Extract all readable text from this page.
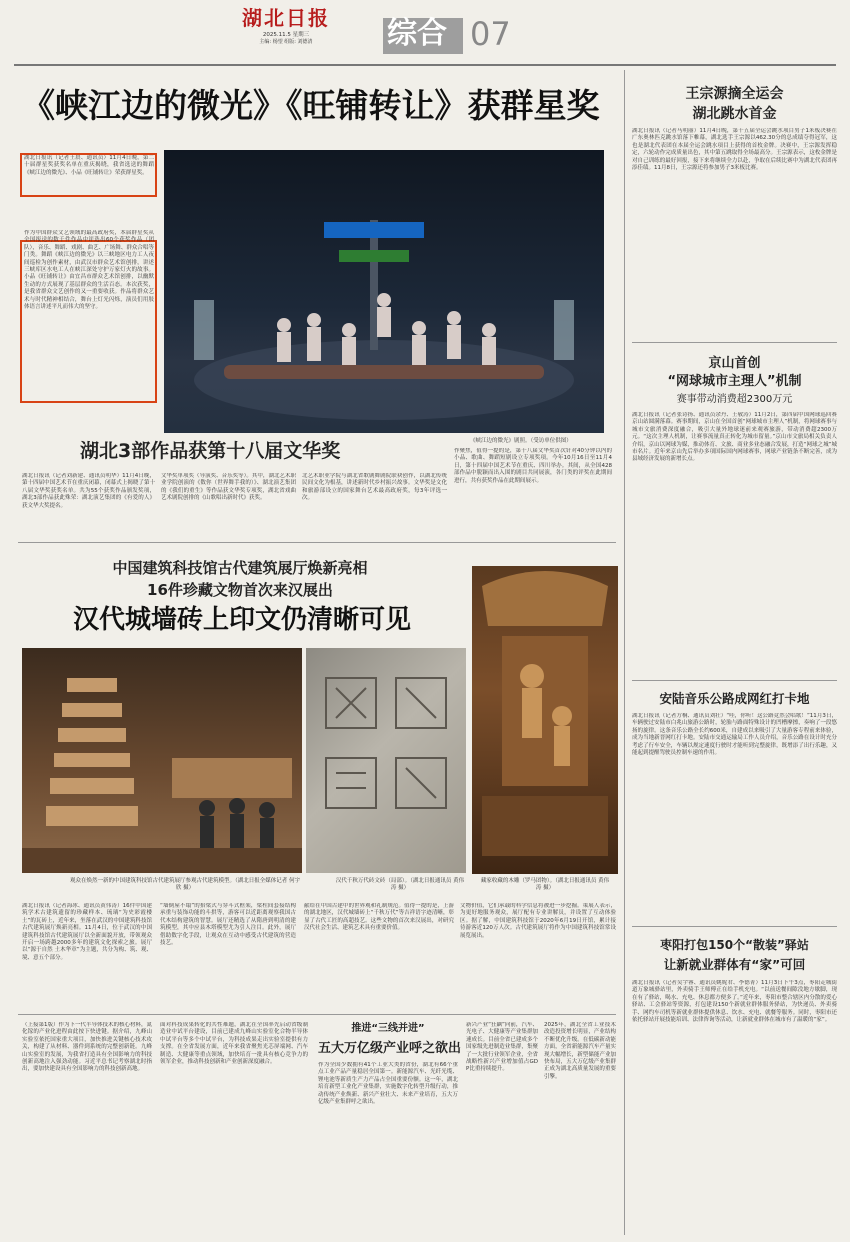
湖北日报
2025.11.5 星期三
主编: 杨望 组版: 刘德清	综合 07
《峡江边的微光》《旺铺转让》获群星奖
湖北日报讯（记者王晨、通讯员）11月4日晚，第二十届群星奖获奖名单在重庆揭晓，我省选送的舞蹈《峡江边的微光》、小品《旺铺转让》荣获群星奖。
作为中国群众文艺领域的最高政府奖，本届群星奖从全国报送的数千件作品中评选出60个获奖作品（团队），音乐、舞蹈、戏剧、曲艺、广场舞、群众合唱等门类。舞蹈《峡江边的微光》以三峡地区电力工人夜间巡检为创作素材，由武汉市群众艺术馆创排，讲述三峡库区水电工人在峡江深处守护万家灯火的故事。小品《旺铺转让》由宜昌市群众艺术馆创排，以幽默生动的方式展现了基层群众的生活百态。本次获奖，是我省群众文艺创作的又一重要收获。作品将群众艺术与时代精神相结合，舞台上灯光闪烁，演员们用肢体语言讲述平凡而伟大的坚守。
《峡江边的微光》剧照。（受访单位供图）
作聚焦，值得一提的是，第十八届文华奖首次针对40分钟以内的小品、歌曲、舞蹈短剧设立专项奖项。今年10月16日至11月4日，第十四届中国艺术节在重庆、四川举办。其间，从全国428部作品中脱颖而出入围的剧目共同展演，各门类的评奖在此期间进行，共有获奖作品在此期间展示。
湖北3部作品获第十八届文华奖
湖北日报讯（记者刘新建、通讯员明华）11月4日晚，第十四届中国艺术节在重庆闭幕，闭幕式上揭晓了第十八届文华奖获奖名单。共为55个获奖作品颁发奖项，湖北3部作品获此殊荣：湖北演艺集团的《有爱的人》获文华大奖提名。
文华奖单项奖（导演奖、音乐奖等）。其中，湖北艺术职业学院创演的《数你（世界舞手我的）》、湖北演艺集团的《我们的重生》等作品获文华奖专项奖，湖北省戏曲艺术剧院创排的《山歌唱出新时代》获奖。
北艺术职业学院与湖北省歌剧舞剧院联袂创作，以湖北传统民间文化为根基，讲述新时代乡村振兴故事。文华奖是文化和旅游部设立的国家舞台艺术最高政府奖，每3年评选一次。
中国建筑科技馆古代建筑展厅焕新亮相
16件珍藏文物首次来汉展出
汉代城墙砖上印文仍清晰可见
观众在焕然一新的中国建筑科技馆古代建筑展厅参观古代建筑模型。（湖北日报全媒体记者 何宇欣 摄）
汉代千秋万代砖文砖（局部）。（湖北日报通讯员 黄伟涛 摄）
藏家收藏的木雕（罗马团物）。（湖北日报通讯员 黄伟涛 摄）
湖北日报讯（记者海冰、通讯员黄伟涛）16件中国建筑学术古建筑遗留的珍藏样本、琉璃“为史彩霞楼土”的瓦砖上，近年来，坐落在武汉的中国建筑科技馆古代建筑展厅焕新亮相。11月4日，位于武汉的中国建筑科技馆古代建筑展厅以全新面貌开放，带领观众开启一场跨越2000多年的建筑文化探索之旅。展厅以“源于自然 土木华章”为主题，共分为构、筑、观、境、意五个部分。
“墙倒屋不塌”的抬梁式与穿斗式框架，梁柱间套接结构承重与装饰功能的斗拱等，游客可以近距离观察我国古代木结构建筑的智慧。展厅还精选了从隋唐到明清的建筑模型，其中应县木塔模型尤为引人注目。此外，展厅借助数字化手段，让观众在互动中感受古代建筑的营造技艺。
献给在中国古建中的世界观和礼制规范。值得一提的是，上游的湖北地区，汉代城墙砖上“千秋万代”等吉祥语字迹清晰，彰显了古代工匠的高超技艺。这些文物的首次来汉展出，对研究汉代社会生活、建筑艺术具有重要价值。
文物价值，它们承载的科学信息将被进一步挖掘。策展人表示，为更好地服务观众，展厅配有专业讲解员，并设置了互动体验区。据了解，中国建筑科技馆于2020年6月19日开馆，累计接待游客近120万人次。古代建筑展厅将作为中国建筑科技馆常设展览展出。
（上接第1版）作为下一代半导体技术的核心材料，氮化镓的产业化进程由此按下快进键。据介绍，九峰山实验室依托国家重大项目，加快推进关键核心技术攻关，构建了从材料、器件到系统的完整创新链。九峰山实验室的发展，为我省打造具有全国影响力的科技创新高地注入强劲动能。习近平总书记考察湖北时指出，要加快建设具有全国影响力的科技创新高地。
面对科技成果转化的共性难题，湖北在全国率先启动省级制造业中试平台建设，目前已建成九峰山实验室化合物半导体中试平台等多个中试平台，为科技成果走出实验室提供有力支撑。在全省发展方面，近年来我省聚焦光芯屏端网、汽车制造、大健康等重点领域，加快培育一批具有核心竞争力的领军企业，推动科技创新和产业创新深度融合。
推进“三线并进”
五大万亿级产业呼之欲出
作为全国少数拥有41个工业大类的省份，湖北有66个重点工业产品产量稳居全国第一。新能源汽车、光纤光缆、锂电池等新质生产力产品占全国重要份额。这一年，湖北培育新型工业化产业集群，实施数字化转型升级行动，推动传统产业焕新、新兴产业壮大、未来产业培育，五大万亿级产业集群呼之欲出。
新兴产业“狂飙”向前，汽车、光电子、大健康等产业集群加速成长。目前全省已建成多个国家级先进制造业集群，集聚了一大批行业领军企业，全省战略性新兴产业增加值占GDP比重持续提升。
2025年，湖北全省工业技术改造投资增长明显，产业结构不断优化升级。在低碳新动能方面，全省新能源汽车产量实现大幅增长，新型储能产业加快布局，五大万亿级产业集群正成为湖北高质量发展的重要引擎。
王宗源摘全运会
湖北跳水首金
湖北日报讯（记者马明丽）11月4日晚，第十五届全运会跳水项目男子1米板决赛在广东奥林匹克跳水馆落下帷幕，湖北选手王宗源以462.30分的总成绩夺得冠军，这也是湖北代表团在本届全运会跳水项目上获得的首枚金牌。决赛中，王宗源发挥稳定，六轮动作完成质量出色，其中第五跳取得全场最高分。王宗源表示，这枚金牌是对自己训练的最好回报，接下来将继续全力以赴，争取在后续比赛中为湖北代表团再添佳绩。11月8日，王宗源还将参加男子3米板比赛。
京山首创
“网球城市主理人”机制
赛事带动消费超2300万元
湖北日报讯（记者张诗扬、通讯员余丹、王敬涛）11月2日，第四届中国网球巡回赛京山站圆满落幕。赛事期间，京山在全国首创“网球城市主理人”机制，将网球赛事与城市文旅消费深度融合，吸引大量外地球迷前来观赛旅游，带动消费超2300万元。“这次主理人机制，让赛事流量真正转化为城市留量。”京山市文旅局相关负责人介绍，京山以网球为媒，推动体育、文旅、商业多业态融合发展，打造“网球之城”城市名片。近年来京山先后举办多项国际国内网球赛事，网球产业链条不断完善，成为县域经济发展的新增长点。
安陆音乐公路成网红打卡地
湖北日报讯（记者方桐、通讯员刘壮）“哇，你听！这公路竟然会唱歌！”11月3日，车辆驶过安陆市白兆山旅游公路时，轮胎与路面特殊设计的凹槽摩擦，奏响了一段悠扬的旋律。这条音乐公路全长约600米，自建成以来吸引了大量游客专程前来体验，成为当地新晋网红打卡地。安陆市交通运输局工作人员介绍，音乐公路在设计时充分考虑了行车安全，车辆以规定速度行驶时才能听到完整旋律，既增添了出行乐趣，又能起到提醒驾驶员控制车速的作用。
枣阳打包150个“散装”驿站
让新就业群体有“家”可回
湖北日报讯（记者吴宇睿、通讯员姚妮君、李德菁）11月3日下午3点，枣阳走城街道万象城驿站里，外卖骑手王师傅正在给手机充电。“以前送餐间隙没地方歇脚，现在有了驿站，喝水、充电、休息都方便多了。”近年来，枣阳市整合辖区内分散的爱心驿站、工会驿站等资源，打包建设150个新就业群体服务驿站，为快递员、外卖骑手、网约车司机等新就业群体提供休息、饮水、充电、就餐等服务。同时，枣阳市还依托驿站开展技能培训、法律咨询等活动，让新就业群体在城市有了温暖的“家”。
